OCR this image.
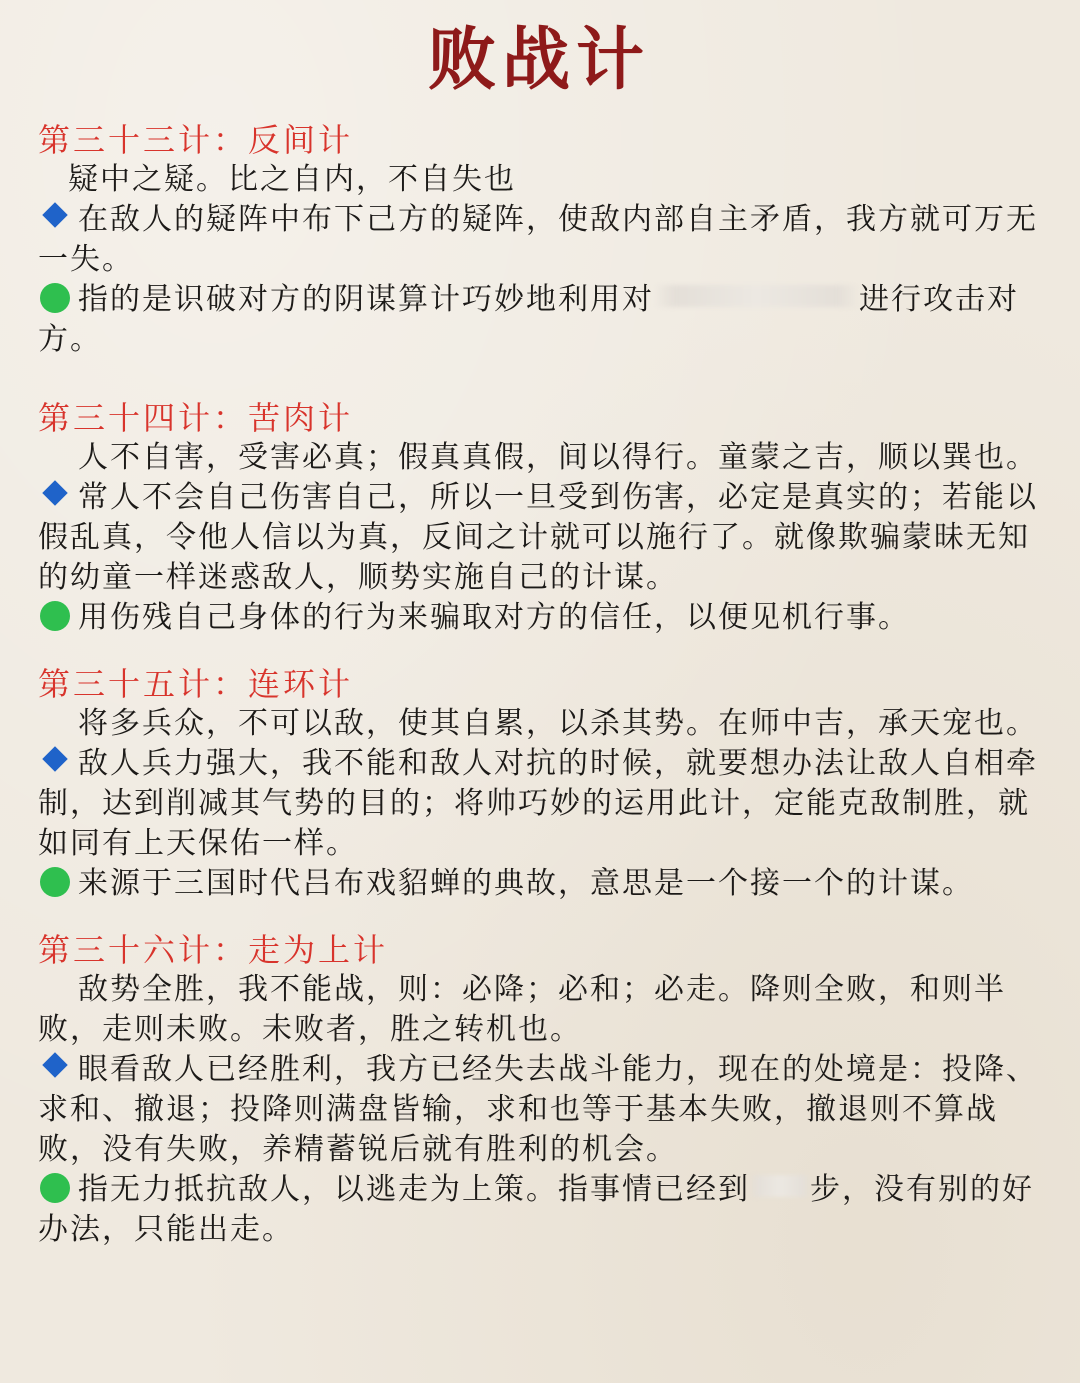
败战计
第三十三计：反间计

疑中之疑。比之自内，不自失也

在敌人的疑阵中布下己方的疑阵，使敌内部自主矛盾，我方就可万无一失。

指的是识破对方的阴谋算计巧妙地利用对	进行攻击对方。

第三十四计：苦肉计

人不自害，受害必真；假真真假，间以得行。童蒙之吉，顺以巽也。

常人不会自己伤害自己，所以一旦受到伤害，必定是真实的；若能以假乱真，令他人信以为真，反间之计就可以施行了。就像欺骗蒙昧无知的幼童一样迷惑敌人，顺势实施自己的计谋。

用伤残自己身体的行为来骗取对方的信任，以便见机行事。

第三十五计：连环计

将多兵众，不可以敌，使其自累，以杀其势。在师中吉，承天宠也。

敌人兵力强大，我不能和敌人对抗的时候，就要想办法让敌人自相牵制，达到削减其气势的目的；将帅巧妙的运用此计，定能克敌制胜，就如同有上天保佑一样。

来源于三国时代吕布戏貂蝉的典故，意思是一个接一个的计谋。

第三十六计：走为上计

敌势全胜，我不能战，则：必降；必和；必走。降则全败，和则半败，走则未败。未败者，胜之转机也。

眼看敌人已经胜利，我方已经失去战斗能力，现在的处境是：投降、求和、撤退；投降则满盘皆输，求和也等于基本失败，撤退则不算战败，没有失败，养精蓄锐后就有胜利的机会。

指无力抵抗敌人，以逃走为上策。指事情已经到 步，没有别的好办法，只能出走。
